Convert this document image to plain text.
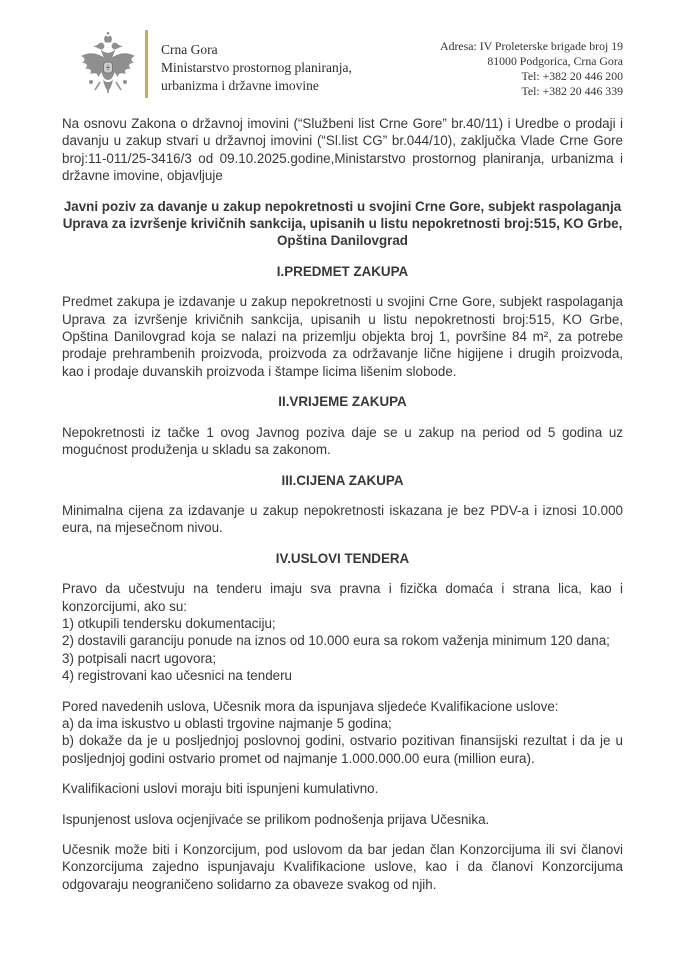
Crna Gora
Ministarstvo prostornog planiranja,
urbanizma i državne imovine
Adresa: IV Proleterske brigade broj 19
81000 Podgorica, Crna Gora
Tel: +382 20 446 200
Tel: +382 20 446 339

Na osnovu Zakona o državnoj imovini (“Službeni list Crne Gore” br.40/11) i Uredbe o prodaji i davanju u zakup stvari u državnoj imovini (“Sl.list CG” br.044/10), zaključka Vlade Crne Gore broj:11-011/25-3416/3 od 09.10.2025.godine,Ministarstvo prostornog planiranja, urbanizma i državne imovine, objavljuje

Javni poziv za davanje u zakup nepokretnosti u svojini Crne Gore, subjekt raspolaganja Uprava za izvršenje krivičnih sankcija, upisanih u listu nepokretnosti broj:515, KO Grbe, Opština Danilovgrad

I.PREDMET ZAKUPA

Predmet zakupa je izdavanje u zakup nepokretnosti u svojini Crne Gore, subjekt raspolaganja Uprava za izvršenje krivičnih sankcija, upisanih u listu nepokretnosti broj:515, KO Grbe, Opština Danilovgrad koja se nalazi na prizemlju objekta broj 1, površine 84 m², za potrebe prodaje prehrambenih proizvoda, proizvoda za održavanje lične higijene i drugih proizvoda, kao i prodaje duvanskih proizvoda i štampe licima lišenim slobode.

II.VRIJEME ZAKUPA

Nepokretnosti iz tačke 1 ovog Javnog poziva daje se u zakup na period od 5 godina uz mogućnost produženja u skladu sa zakonom.

III.CIJENA ZAKUPA

Minimalna cijena za izdavanje u zakup nepokretnosti iskazana je bez PDV-a i iznosi 10.000 eura, na mjesečnom nivou.

IV.USLOVI TENDERA
Pravo da učestvuju na tenderu imaju sva pravna i fizička domaća i strana lica, kao i konzorcijumi, ako su:
1) otkupili tendersku dokumentaciju;
2) dostavili garanciju ponude na iznos od 10.000 eura sa rokom važenja minimum 120 dana;
3) potpisali nacrt ugovora;
4) registrovani kao učesnici na tenderu
Pored navedenih uslova, Učesnik mora da ispunjava sljedeće Kvalifikacione uslove:
a) da ima iskustvo u oblasti trgovine najmanje 5 godina;
b) dokaže da je u posljednjoj poslovnoj godini, ostvario pozitivan finansijski rezultat i da je u posljednjoj godini ostvario promet od najmanje 1.000.000.00 eura (million eura).

Kvalifikacioni uslovi moraju biti ispunjeni kumulativno.

Ispunjenost uslova ocjenjivaće se prilikom podnošenja prijava Učesnika.

Učesnik može biti i Konzorcijum, pod uslovom da bar jedan član Konzorcijuma ili svi članovi Konzorcijuma zajedno ispunjavaju Kvalifikacione uslove, kao i da članovi Konzorcijuma odgovaraju neograničeno solidarno za obaveze svakog od njih.
